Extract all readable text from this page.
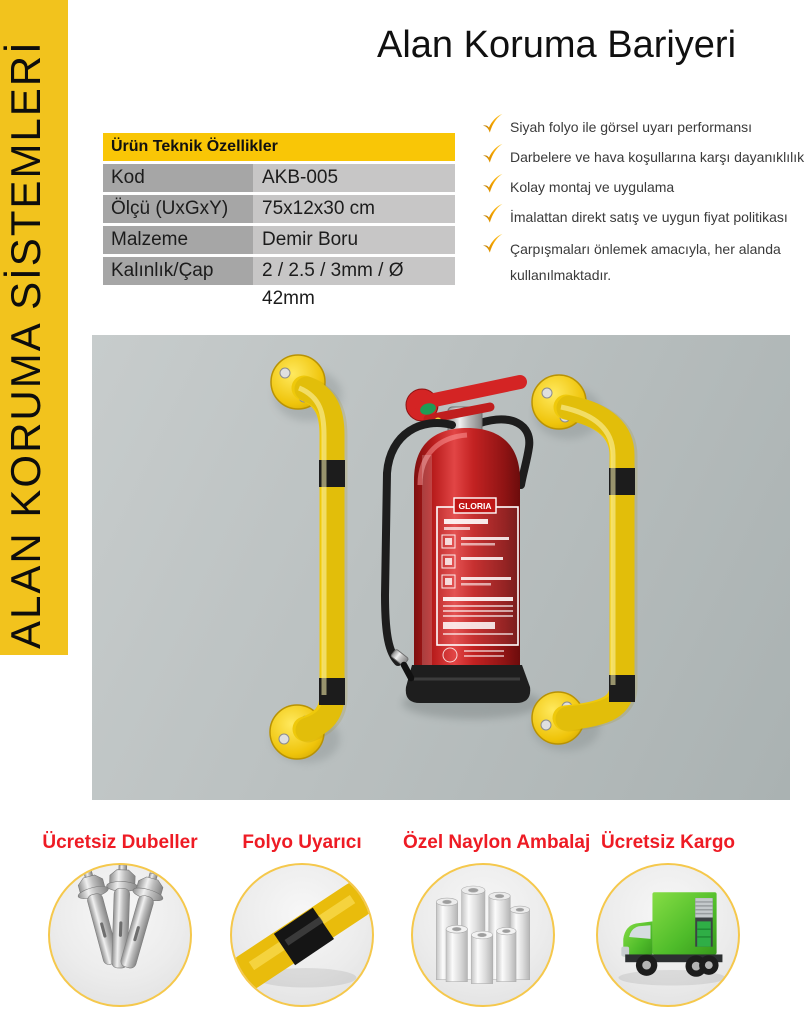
ALAN KORUMA SİSTEMLERİ	Alan Koruma Bariyeri
Ürün Teknik Özellikler
Kod	AKB-005
Ölçü (UxGxY)	75x12x30 cm
Malzeme	Demir Boru
Kalınlık/Çap	2 / 2.5 / 3mm / Ø 42mm
Siyah folyo ile görsel uyarı performansı
Darbelere ve hava koşullarına karşı dayanıklılık
Kolay montaj ve uygulama
İmalattan direkt satış ve uygun fiyat politikası
Çarpışmaları önlemek amacıyla, her alanda kullanılmaktadır.
GLORIA
Ücretsiz Dubeller	Folyo Uyarıcı	Özel Naylon Ambalaj Ücretsiz Kargo
